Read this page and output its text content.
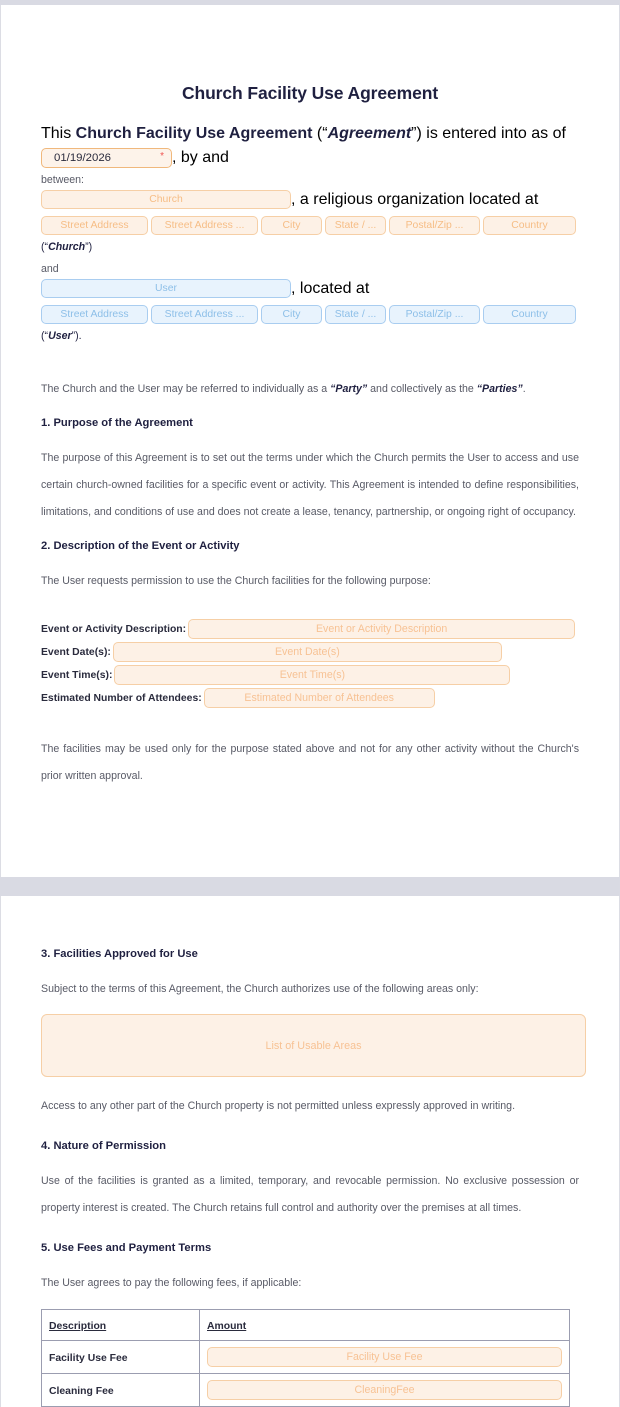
Church Facility Use Agreement
This Church Facility Use Agreement (“Agreement”) is entered into as of 01/19/2026	* , by and
between:
Church	, a religious organization located at
Street Address	Street Address ...	City	State / ...	Postal/Zip ...	Country
(“Church”)
and
User	, located at
Street Address	Street Address ...	City	State / ...	Postal/Zip ...	Country
(“User”).

The Church and the User may be referred to individually as a “Party” and collectively as the “Parties”.

1. Purpose of the Agreement

The purpose of this Agreement is to set out the terms under which the Church permits the User to access and use certain church-owned facilities for a specific event or activity. This Agreement is intended to define responsibilities, limitations, and conditions of use and does not create a lease, tenancy, partnership, or ongoing right of occupancy.

2. Description of the Event or Activity

The User requests permission to use the Church facilities for the following purpose:

Event or Activity Description:	Event or Activity Description
Event Date(s):	Event Date(s)
Event Time(s):	Event Time(s)
Estimated Number of Attendees:	Estimated Number of Attendees

The facilities may be used only for the purpose stated above and not for any other activity without the Church's prior written approval.

3. Facilities Approved for Use

Subject to the terms of this Agreement, the Church authorizes use of the following areas only:

List of Usable Areas

Access to any other part of the Church property is not permitted unless expressly approved in writing.

4. Nature of Permission

Use of the facilities is granted as a limited, temporary, and revocable permission. No exclusive possession or property interest is created. The Church retains full control and authority over the premises at all times.

5. Use Fees and Payment Terms

The User agrees to pay the following fees, if applicable:

Description	Amount
Facility Use Fee	Facility Use Fee

Cleaning Fee	CleaningFee
